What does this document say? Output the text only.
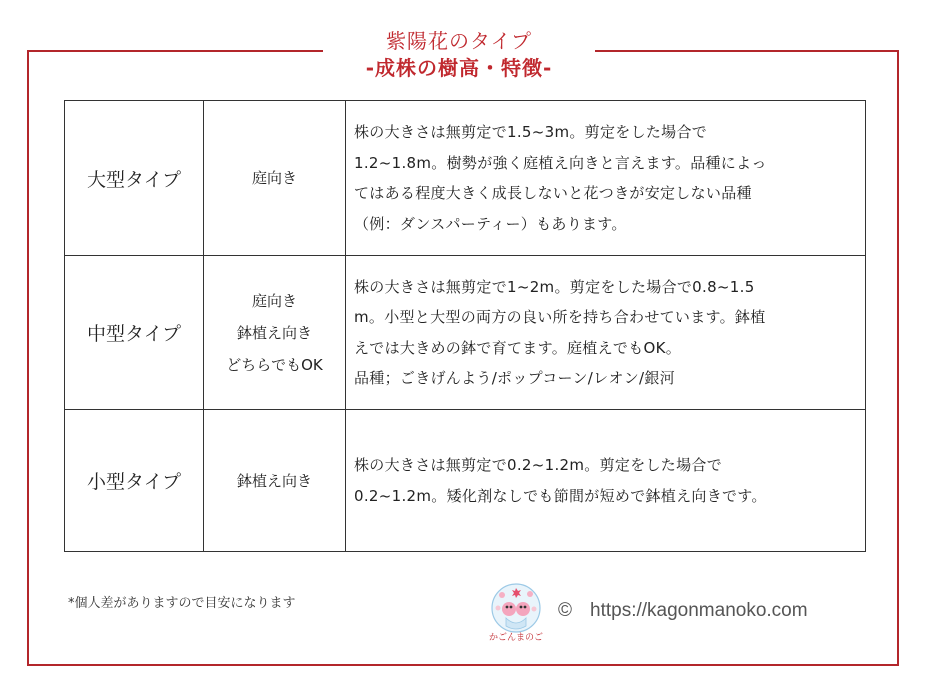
紫陽花のタイプ
-成株の樹高・特徴-
大型タイプ	庭向き	株の大きさは無剪定で1.5~3m。剪定をした場合で
1.2~1.8m。樹勢が強く庭植え向きと言えます。品種によっ
てはある程度大きく成長しないと花つきが安定しない品種
（例：ダンスパーティー）もあります。

中型タイプ	庭向き
鉢植え向き
どちらでもOK	株の大きさは無剪定で1~2m。剪定をした場合で0.8~1.5
m。小型と大型の両方の良い所を持ち合わせています。鉢植
えでは大きめの鉢で育てます。庭植えでもOK。
品種；ごきげんよう/ポップコーン/レオン/銀河

小型タイプ	鉢植え向き	株の大きさは無剪定で0.2~1.2m。剪定をした場合で
0.2~1.2m。矮化剤なしでも節間が短めで鉢植え向きです。
*個人差がありますので目安になります
かごんまのご
© https://kagonmanoko.com
